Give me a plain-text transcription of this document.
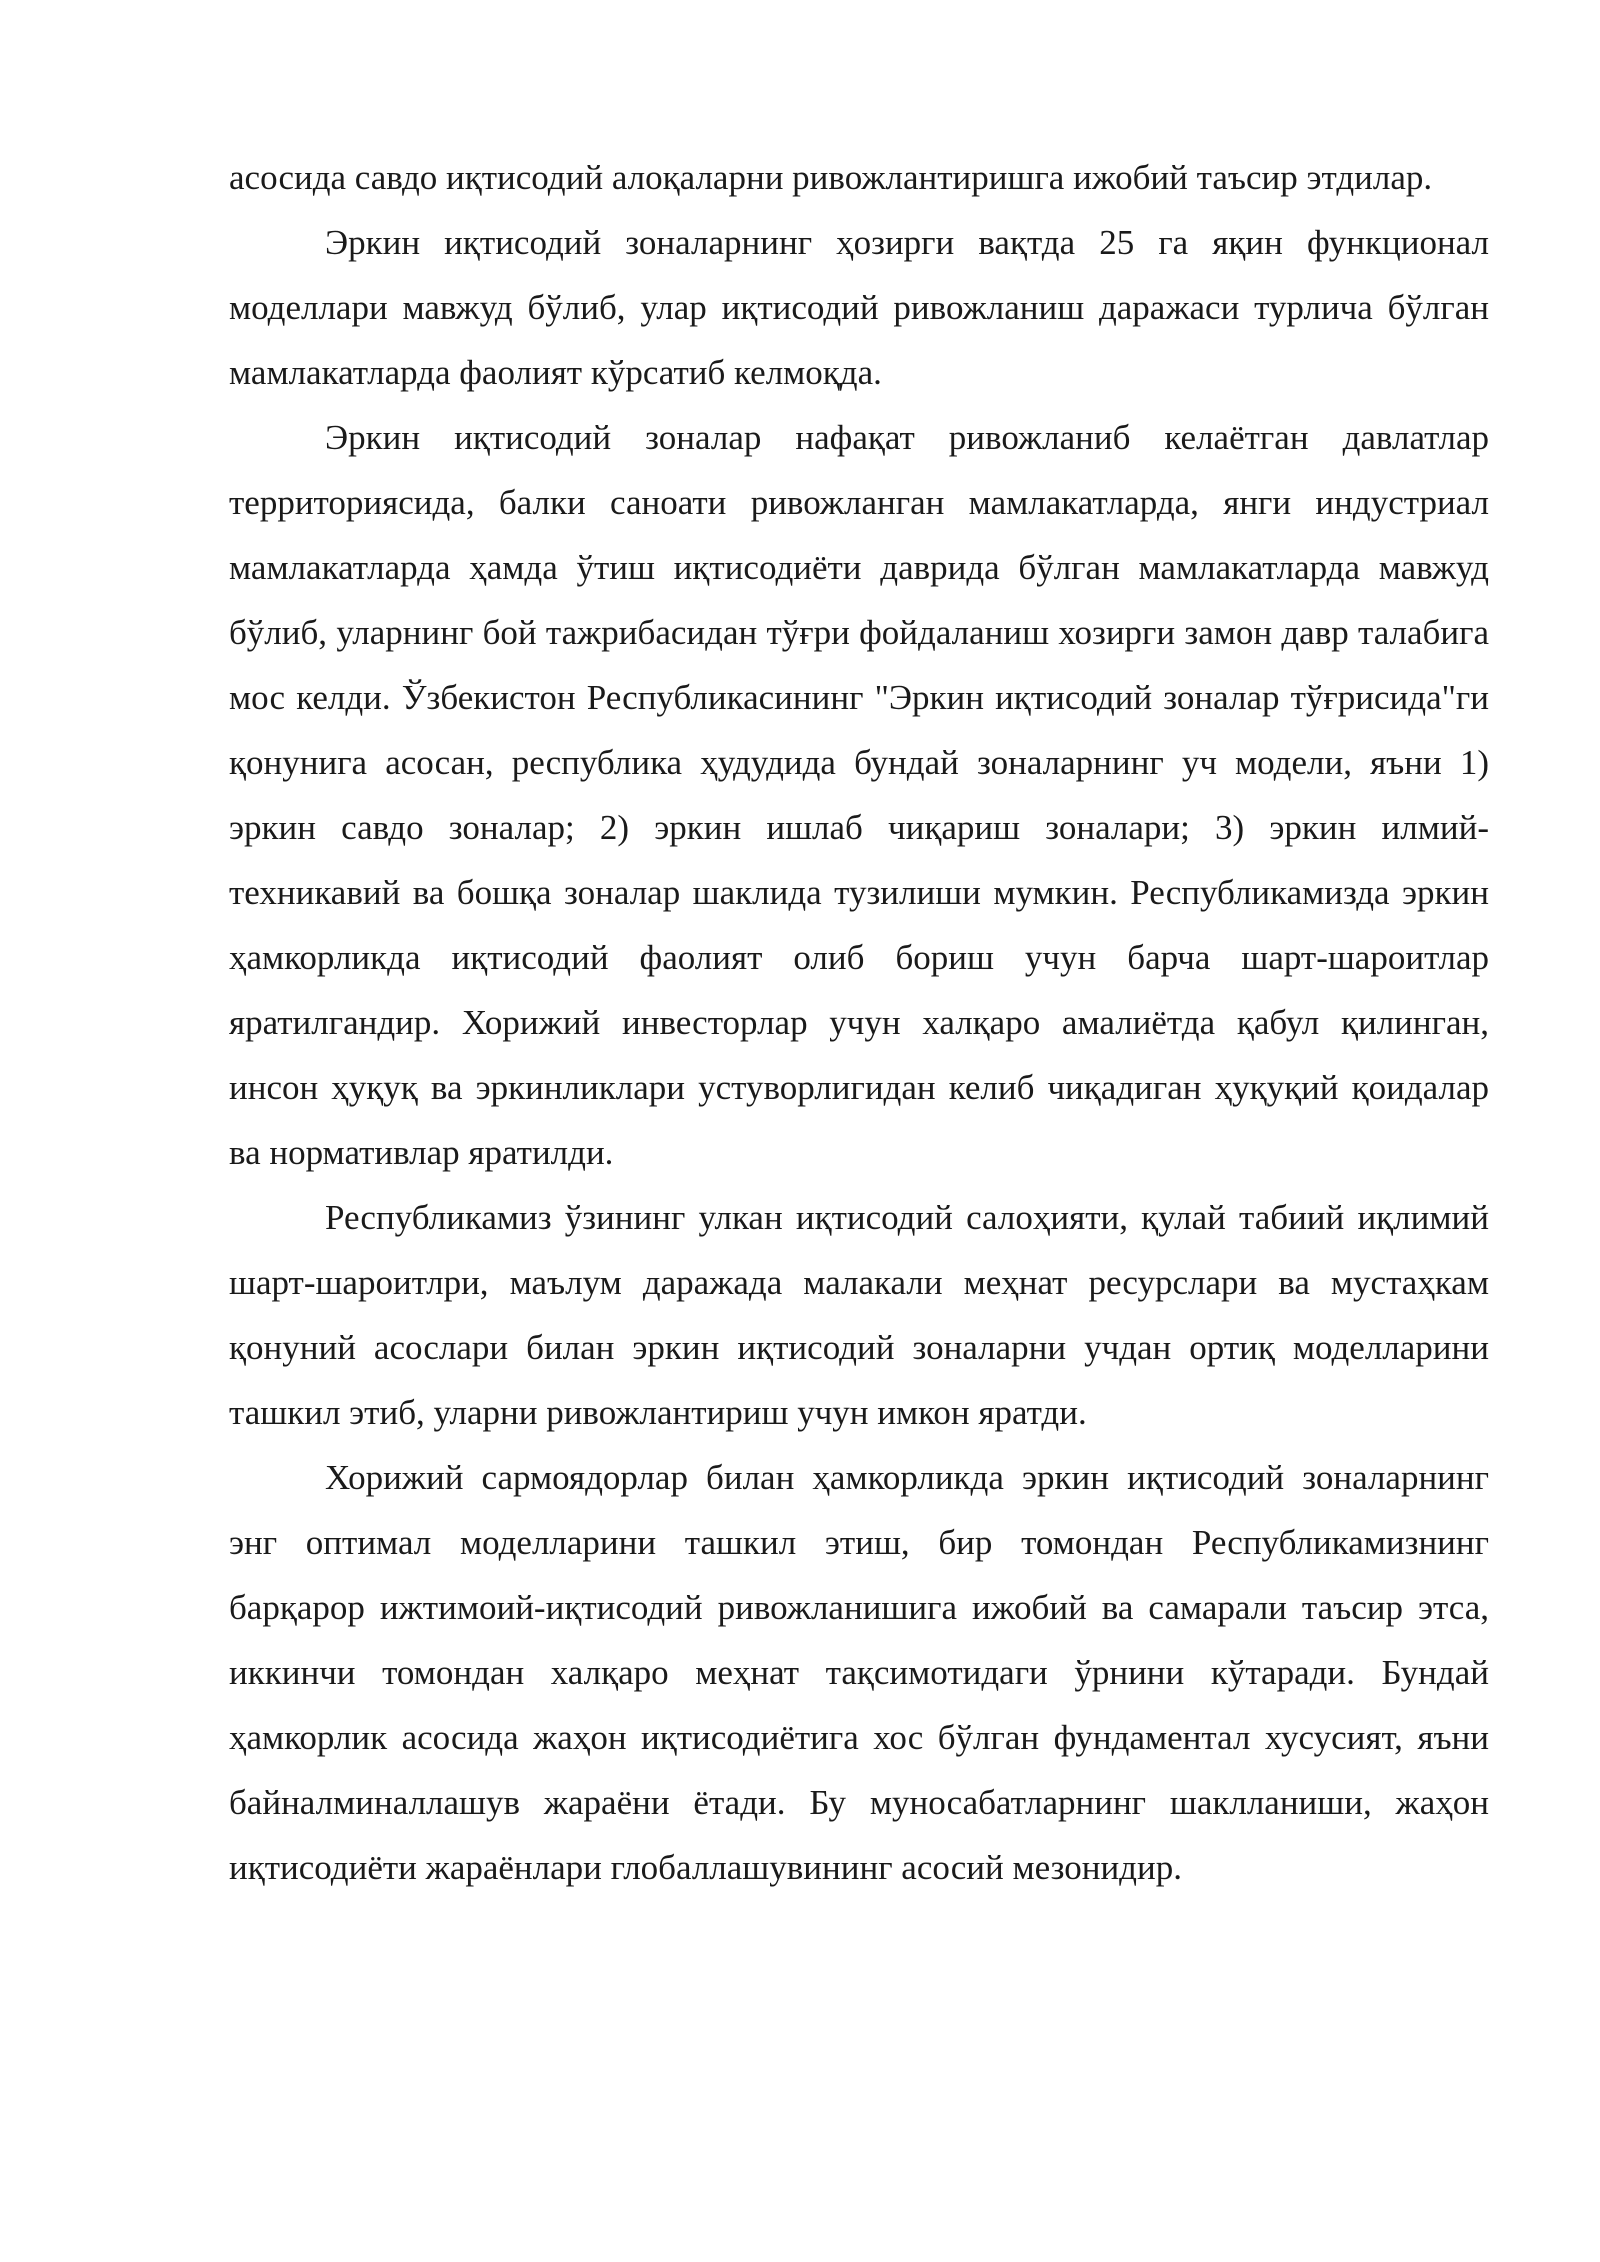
асосида савдо иқтисодий алоқаларни ривожлантиришга ижобий таъсир этдилар.

Эркин иқтисодий зоналарнинг ҳозирги вақтда 25 га яқин функционал моделлари мавжуд бўлиб, улар иқтисодий ривожланиш даражаси турлича бўлган мамлакатларда фаолият кўрсатиб келмоқда.

Эркин иқтисодий зоналар нафақат ривожланиб келаётган давлатлар территориясида, балки саноати ривожланган мамлакатларда, янги индустриал мамлакатларда ҳамда ўтиш иқтисодиёти даврида бўлган мамлакатларда мавжуд бўлиб, уларнинг бой тажрибасидан тўғри фойдаланиш хозирги замон давр талабига мос келди. Ўзбекистон Республикасининг "Эркин иқтисодий зоналар тўғрисида"ги қонунига асосан, республика ҳудудида бундай зоналарнинг уч модели, яъни 1) эркин савдо зоналар; 2) эркин ишлаб чиқариш зоналари; 3) эркин илмий-техникавий ва бошқа зоналар шаклида тузилиши мумкин. Республикамизда эркин ҳамкорликда иқтисодий фаолият олиб бориш учун барча шарт-шароитлар яратилгандир. Хорижий инвесторлар учун халқаро амалиётда қабул қилинган, инсон ҳуқуқ ва эркинликлари устуворлигидан келиб чиқадиган ҳуқуқий қоидалар ва нормативлар яратилди.

Республикамиз ўзининг улкан иқтисодий салоҳияти, қулай табиий иқлимий шарт-шароитлри, маълум даражада малакали меҳнат ресурслари ва мустаҳкам қонуний асослари билан эркин иқтисодий зоналарни учдан ортиқ моделларини ташкил этиб, уларни ривожлантириш учун имкон яратди.

Хорижий сармоядорлар билан ҳамкорликда эркин иқтисодий зоналарнинг энг оптимал моделларини ташкил этиш, бир томондан Республикамизнинг барқарор ижтимоий-иқтисодий ривожланишига ижобий ва самарали таъсир этса, иккинчи томондан халқаро меҳнат тақсимотидаги ўрнини кўтаради. Бундай ҳамкорлик асосида жаҳон иқтисодиётига хос бўлган фундаментал хусусият, яъни байналминаллашув жараёни ётади. Бу муносабатларнинг шаклланиши, жаҳон иқтисодиёти жараёнлари глобаллашувининг асосий мезонидир.
